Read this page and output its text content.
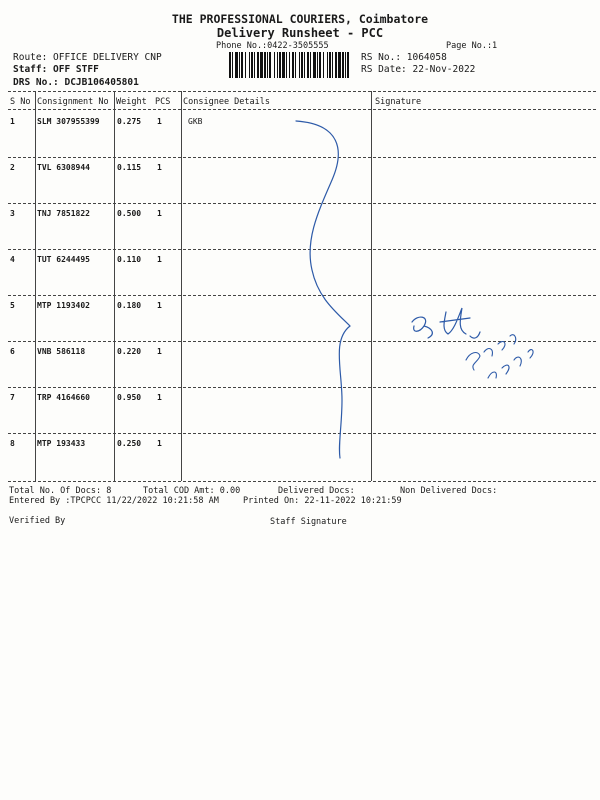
THE PROFESSIONAL COURIERS, Coimbatore
Delivery Runsheet - PCC
Phone No.:0422-3505555	Page No.:1
Route: OFFICE DELIVERY CNP
Staff: OFF STFF
DRS No.: DCJB106405801
RS No.: 1064058
RS Date: 22-Nov-2022
S No Consignment No Weight PCS Consignee Details	Signature
1	SLM 307955399 0.275 1	GKB
2	TVL 6308944	0.115 1
3	TNJ 7851822	0.500 1
4	TUT 6244495	0.110 1
5	MTP 1193402	0.180 1
6	VNB 586118	0.220 1
7	TRP 4164660	0.950 1
8	MTP 193433	0.250 1
Total No. Of Docs: 8	Total COD Amt: 0.00	Delivered Docs:	Non Delivered Docs:
Entered By :TPCPCC 11/22/2022 10:21:58 AM	Printed On: 22-11-2022 10:21:59
Verified By	Staff Signature
